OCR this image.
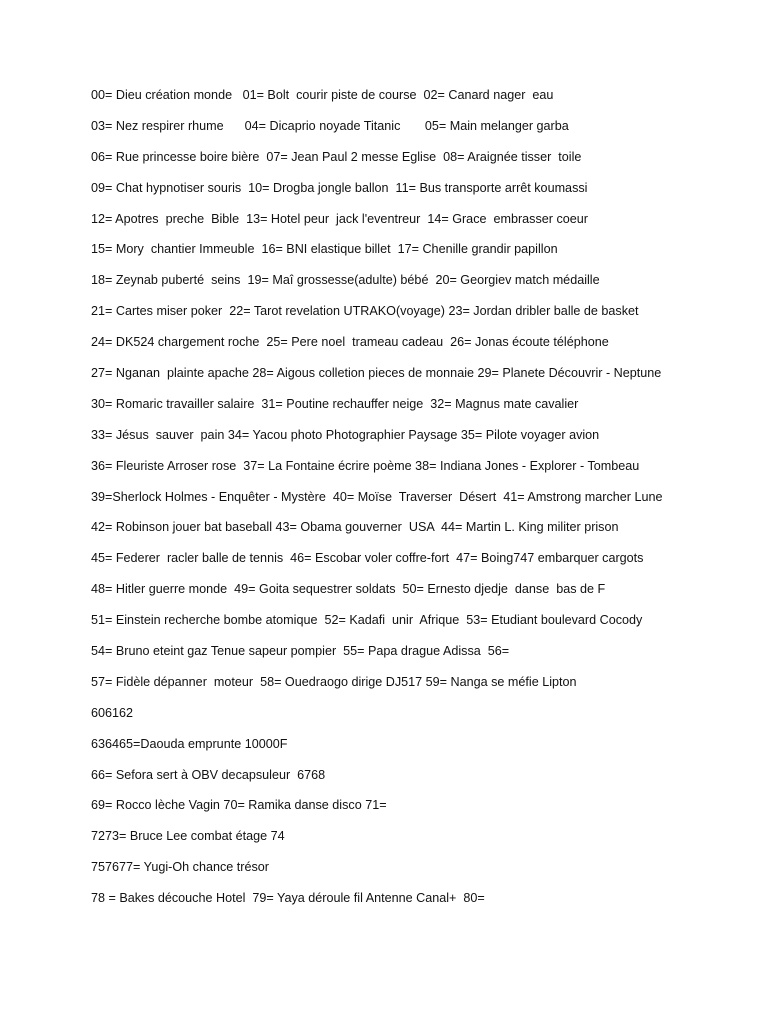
00= Dieu création monde   01= Bolt  courir piste de course  02= Canard nager  eau
03= Nez respirer rhume      04= Dicaprio noyade Titanic       05= Main melanger garba
06= Rue princesse boire bière  07= Jean Paul 2 messe Eglise  08= Araignée tisser  toile
09= Chat hypnotiser souris  10= Drogba jongle ballon  11= Bus transporte arrêt koumassi
12= Apotres  preche  Bible  13= Hotel peur  jack l'eventreur  14= Grace  embrasser coeur
15= Mory  chantier Immeuble  16= BNI elastique billet  17= Chenille grandir papillon
18= Zeynab puberté  seins  19= Maî grossesse(adulte) bébé  20= Georgiev match médaille
21= Cartes miser poker  22= Tarot revelation UTRAKO(voyage) 23= Jordan dribler balle de basket
24= DK524 chargement roche  25= Pere noel  trameau cadeau  26= Jonas écoute téléphone
27= Nganan  plainte apache 28= Aigous colletion pieces de monnaie 29= Planete Découvrir - Neptune
30= Romaric travailler salaire  31= Poutine rechauffer neige  32= Magnus mate cavalier
33= Jésus  sauver  pain 34= Yacou photo Photographier Paysage 35= Pilote voyager avion
36= Fleuriste Arroser rose  37= La Fontaine écrire poème 38= Indiana Jones - Explorer - Tombeau
39=Sherlock Holmes - Enquêter - Mystère  40= Moïse  Traverser  Désert  41= Amstrong marcher Lune
42= Robinson jouer bat baseball 43= Obama gouverner  USA  44= Martin L. King militer prison
45= Federer  racler balle de tennis  46= Escobar voler coffre-fort  47= Boing747 embarquer cargots
48= Hitler guerre monde  49= Goita sequestrer soldats  50= Ernesto djedje  danse  bas de F
51= Einstein recherche bombe atomique  52= Kadafi  unir  Afrique  53= Etudiant boulevard Cocody
54= Bruno eteint gaz Tenue sapeur pompier  55= Papa drague Adissa  56=
57= Fidèle dépanner  moteur  58= Ouedraogo dirige DJ517 59= Nanga se méfie Lipton
606162
636465=Daouda emprunte 10000F
66= Sefora sert à OBV decapsuleur  6768
69= Rocco lèche Vagin 70= Ramika danse disco 71=
7273= Bruce Lee combat étage 74
757677= Yugi-Oh chance trésor
78 = Bakes découche Hotel  79= Yaya déroule fil Antenne Canal+  80=
